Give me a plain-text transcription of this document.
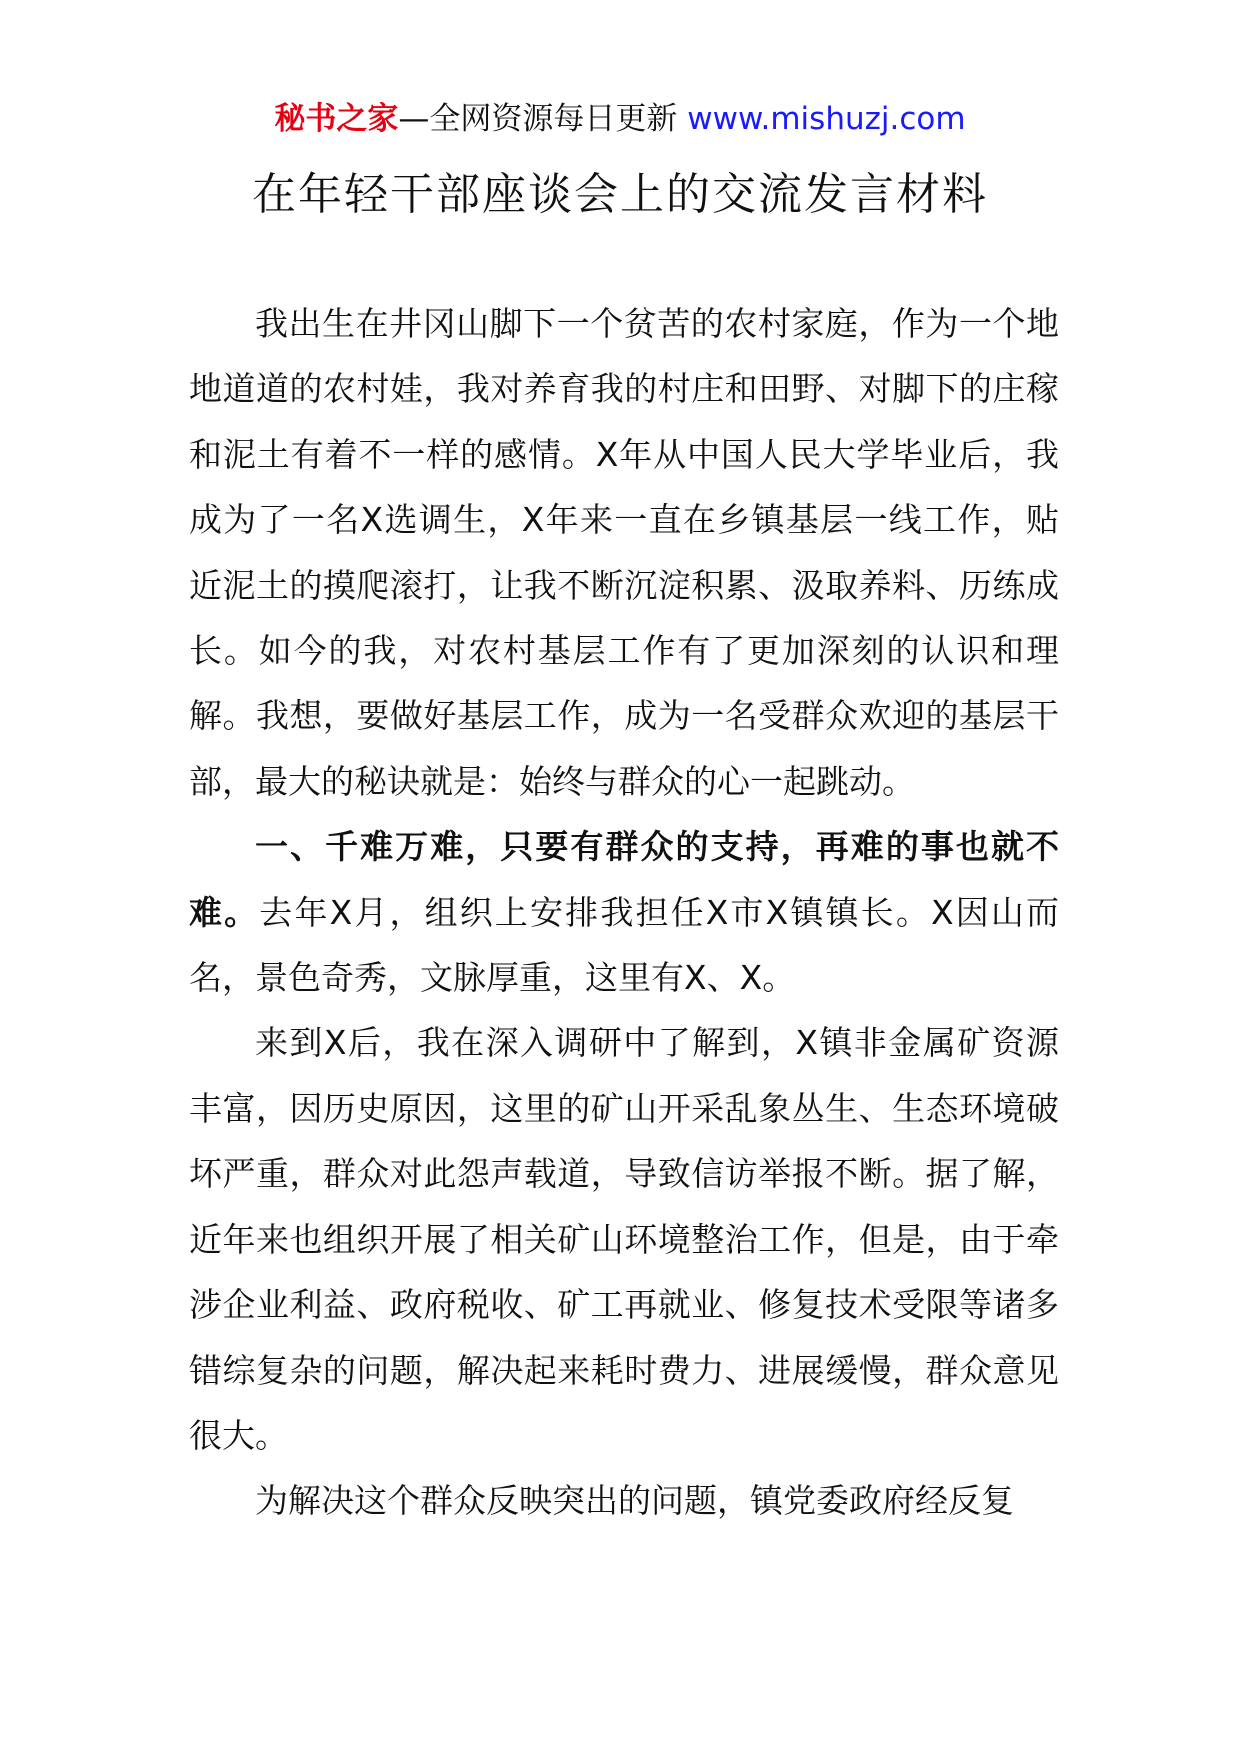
秘书之家—全网资源每日更新 www.mishuzj.com
在年轻干部座谈会上的交流发言材料

我出生在井冈山脚下一个贫苦的农村家庭，作为一个地地道道的农村娃，我对养育我的村庄和田野、对脚下的庄稼和泥土有着不一样的感情。X年从中国人民大学毕业后，我成为了一名X选调生，X年来一直在乡镇基层一线工作，贴近泥土的摸爬滚打，让我不断沉淀积累、汲取养料、历练成长。如今的我，对农村基层工作有了更加深刻的认识和理解。我想，要做好基层工作，成为一名受群众欢迎的基层干部，最大的秘诀就是：始终与群众的心一起跳动。

一、千难万难，只要有群众的支持，再难的事也就不难。去年X月，组织上安排我担任X市X镇镇长。X因山而名，景色奇秀，文脉厚重，这里有X、X。

来到X后，我在深入调研中了解到，X镇非金属矿资源丰富，因历史原因，这里的矿山开采乱象丛生、生态环境破坏严重，群众对此怨声载道，导致信访举报不断。据了解，近年来也组织开展了相关矿山环境整治工作，但是，由于牵涉企业利益、政府税收、矿工再就业、修复技术受限等诸多错综复杂的问题，解决起来耗时费力、进展缓慢，群众意见很大。

为解决这个群众反映突出的问题，镇党委政府经反复
